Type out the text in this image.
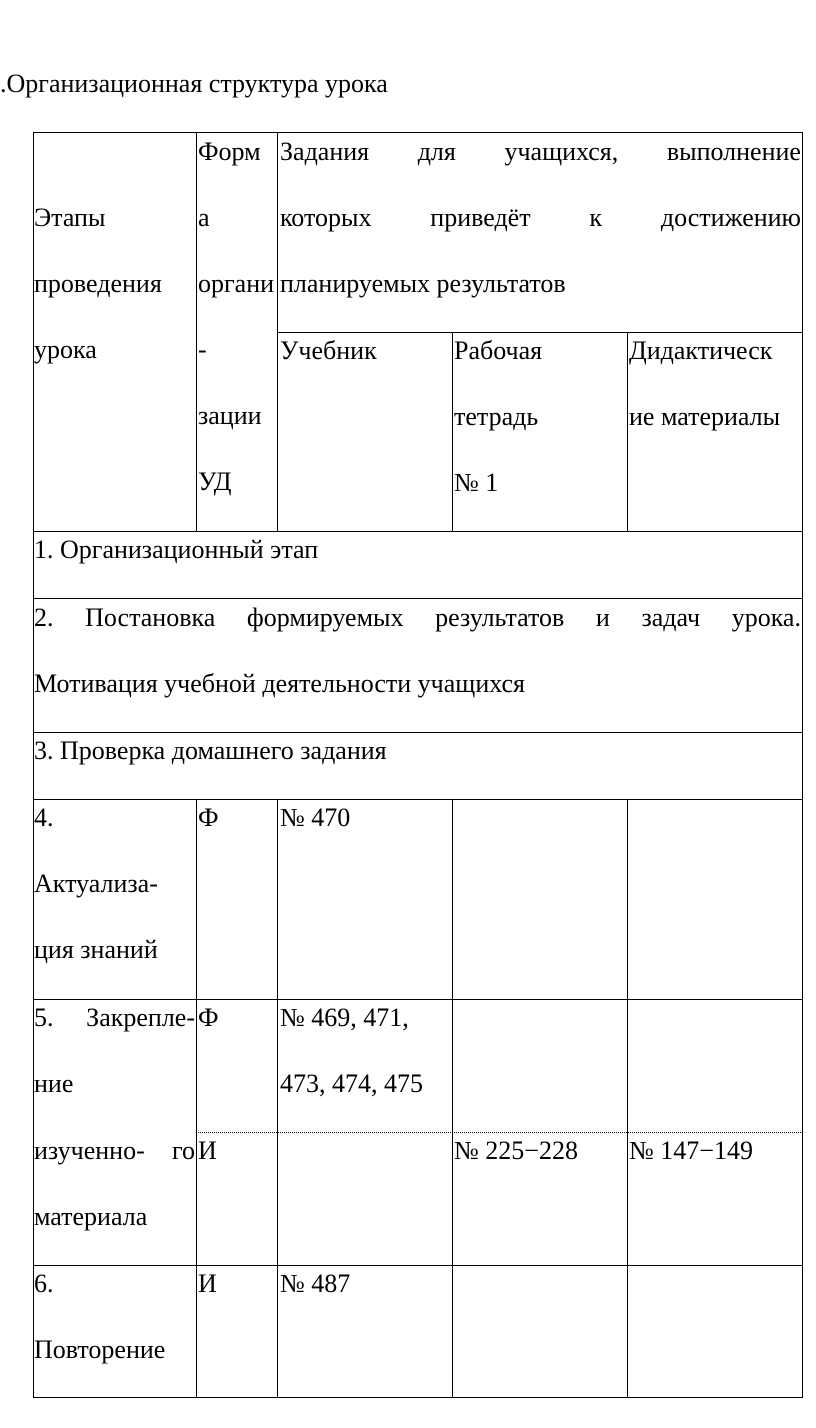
.Организационная структура урока
Этапы
проведения
урока
Форм
а
органи
-
зации
УД
Задания для учащихся, выполнение
которых приведёт к достижению
планируемых результатов
Учебник	Рабочая
тетрадь
№ 1
Дидактическ
ие материалы
1. Организационный этап
2. Постановка формируемых результатов и задач урока.
Мотивация учебной деятельности учащихся
3. Проверка домашнего задания
4.
Актуализа-
ция знаний
Ф № 470
5. Закрепле-
ние
изученно- го
материала
Ф № 469, 471,
473, 474, 475
И	№ 225−228 № 147−149
6.
Повторение
И № 487
